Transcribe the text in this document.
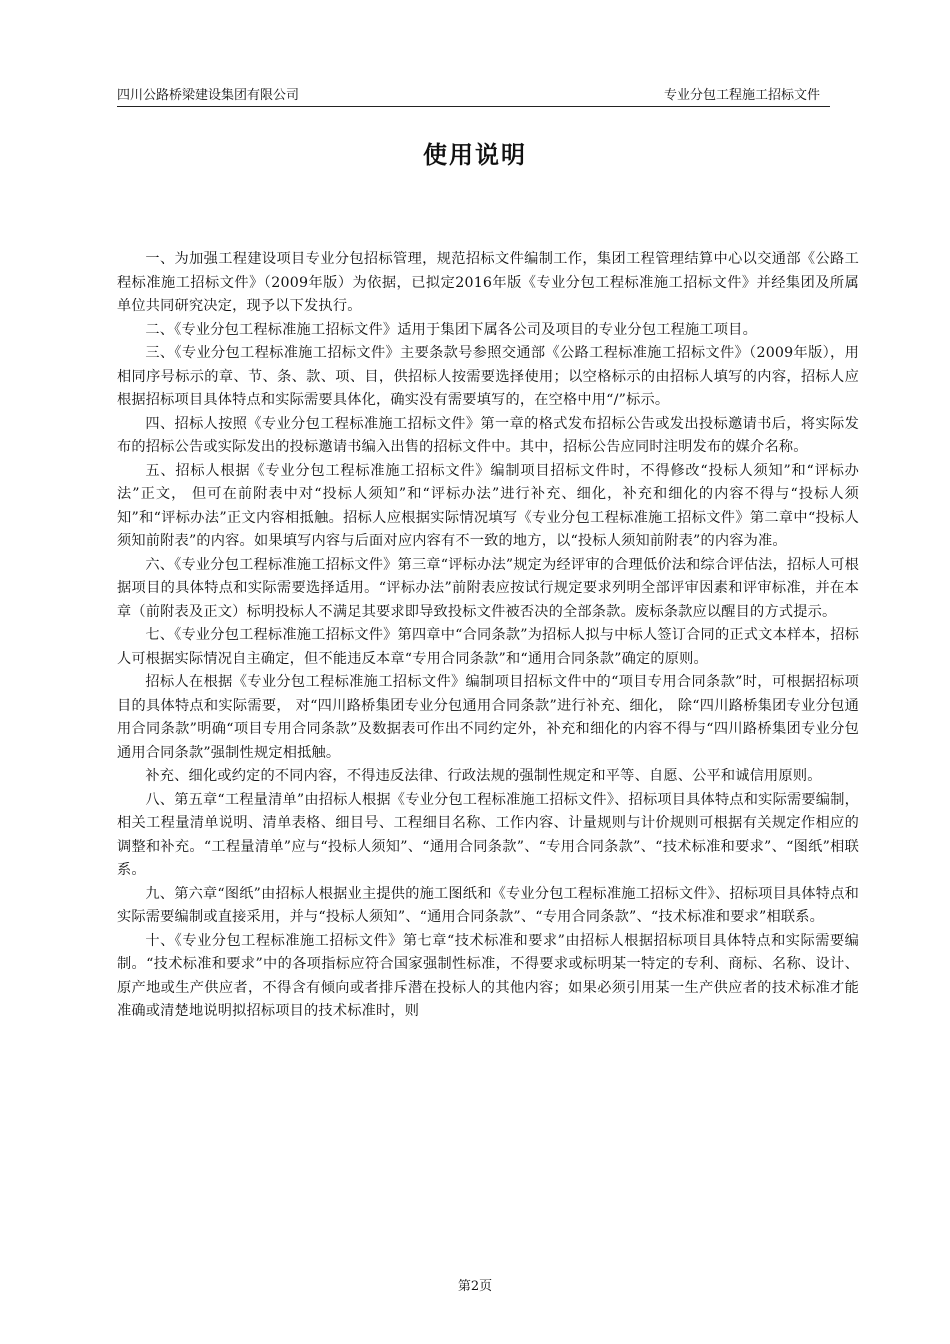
四川公路桥梁建设集团有限公司	专业分包工程施工招标文件
使用说明

一、为加强工程建设项目专业分包招标管理，规范招标文件编制工作，集团工程管理结算中心以交通部《公路工程标准施工招标文件》（2009年版）为依据，已拟定2016年版《专业分包工程标准施工招标文件》并经集团及所属单位共同研究决定，现予以下发执行。

二、《专业分包工程标准施工招标文件》适用于集团下属各公司及项目的专业分包工程施工项目。

三、《专业分包工程标准施工招标文件》主要条款号参照交通部《公路工程标准施工招标文件》（2009年版），用相同序号标示的章、节、条、款、项、目，供招标人按需要选择使用；以空格标示的由招标人填写的内容，招标人应根据招标项目具体特点和实际需要具体化，确实没有需要填写的，在空格中用“/”标示。

四、招标人按照《专业分包工程标准施工招标文件》第一章的格式发布招标公告或发出投标邀请书后，将实际发布的招标公告或实际发出的投标邀请书编入出售的招标文件中。其中，招标公告应同时注明发布的媒介名称。

五、招标人根据《专业分包工程标准施工招标文件》编制项目招标文件时，不得修改“投标人须知”和“评标办法”正文， 但可在前附表中对“投标人须知”和“评标办法”进行补充、细化，补充和细化的内容不得与“投标人须知”和“评标办法”正文内容相抵触。招标人应根据实际情况填写《专业分包工程标准施工招标文件》第二章中“投标人须知前附表”的内容。如果填写内容与后面对应内容有不一致的地方，以“投标人须知前附表”的内容为准。

六、《专业分包工程标准施工招标文件》第三章“评标办法”规定为经评审的合理低价法和综合评估法，招标人可根据项目的具体特点和实际需要选择适用。“评标办法”前附表应按试行规定要求列明全部评审因素和评审标准，并在本章（前附表及正文）标明投标人不满足其要求即导致投标文件被否决的全部条款。废标条款应以醒目的方式提示。

七、《专业分包工程标准施工招标文件》第四章中“合同条款”为招标人拟与中标人签订合同的正式文本样本，招标人可根据实际情况自主确定，但不能违反本章“专用合同条款”和“通用合同条款”确定的原则。

招标人在根据《专业分包工程标准施工招标文件》编制项目招标文件中的“项目专用合同条款”时，可根据招标项目的具体特点和实际需要， 对“四川路桥集团专业分包通用合同条款”进行补充、细化， 除“四川路桥集团专业分包通用合同条款”明确“项目专用合同条款”及数据表可作出不同约定外，补充和细化的内容不得与“四川路桥集团专业分包通用合同条款”强制性规定相抵触。

补充、细化或约定的不同内容，不得违反法律、行政法规的强制性规定和平等、自愿、公平和诚信用原则。

八、第五章“工程量清单”由招标人根据《专业分包工程标准施工招标文件》、招标项目具体特点和实际需要编制，相关工程量清单说明、清单表格、细目号、工程细目名称、工作内容、计量规则与计价规则可根据有关规定作相应的调整和补充。“工程量清单”应与“投标人须知”、“通用合同条款”、“专用合同条款”、“技术标准和要求”、“图纸”相联系。

九、第六章“图纸”由招标人根据业主提供的施工图纸和《专业分包工程标准施工招标文件》、招标项目具体特点和实际需要编制或直接采用，并与“投标人须知”、“通用合同条款”、“专用合同条款”、“技术标准和要求”相联系。

十、《专业分包工程标准施工招标文件》第七章“技术标准和要求”由招标人根据招标项目具体特点和实际需要编制。“技术标准和要求”中的各项指标应符合国家强制性标准，不得要求或标明某一特定的专利、商标、名称、设计、原产地或生产供应者，不得含有倾向或者排斥潜在投标人的其他内容；如果必须引用某一生产供应者的技术标准才能准确或清楚地说明拟招标项目的技术标准时，则

第2页
